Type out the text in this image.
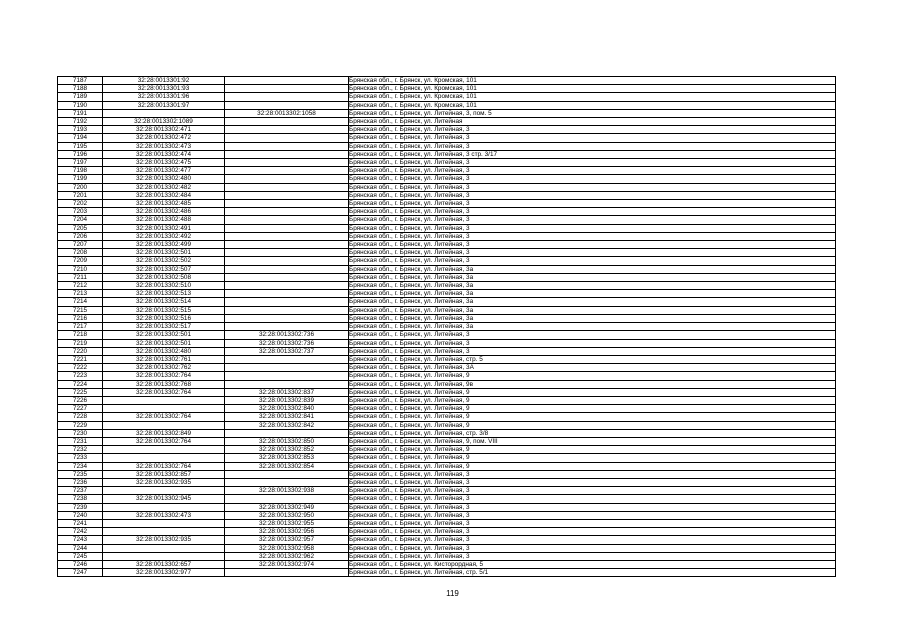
7187	32:28:0013301:92		Брянская обл., г. Брянск, ул. Кромская, 101
7188	32:28:0013301:93		Брянская обл., г. Брянск, ул. Кромская, 101
7189	32:28:0013301:96		Брянская обл., г. Брянск, ул. Кромская, 101
7190	32:28:0013301:97		Брянская обл., г. Брянск, ул. Кромская, 101
7191		32:28:0013302:1058	Брянская обл., г. Брянск, ул. Литейная, 3, пом. 5
7192	32:28:0013302:1089		Брянская обл., г. Брянск, ул. Литейная
7193	32:28:0013302:471		Брянская обл., г. Брянск, ул. Литейная, 3
7194	32:28:0013302:472		Брянская обл., г. Брянск, ул. Литейная, 3
7195	32:28:0013302:473		Брянская обл., г. Брянск, ул. Литейная, 3
7196	32:28:0013302:474		Брянская обл., г. Брянск, ул. Литейная, 3 стр. 3/17
7197	32:28:0013302:475		Брянская обл., г. Брянск, ул. Литейная, 3
7198	32:28:0013302:477		Брянская обл., г. Брянск, ул. Литейная, 3
7199	32:28:0013302:480		Брянская обл., г. Брянск, ул. Литейная, 3
7200	32:28:0013302:482		Брянская обл., г. Брянск, ул. Литейная, 3
7201	32:28:0013302:484		Брянская обл., г. Брянск, ул. Литейная, 3
7202	32:28:0013302:485		Брянская обл., г. Брянск, ул. Литейная, 3
7203	32:28:0013302:486		Брянская обл., г. Брянск, ул. Литейная, 3
7204	32:28:0013302:488		Брянская обл., г. Брянск, ул. Литейная, 3
7205	32:28:0013302:491		Брянская обл., г. Брянск, ул. Литейная, 3
7206	32:28:0013302:492		Брянская обл., г. Брянск, ул. Литейная, 3
7207	32:28:0013302:499		Брянская обл., г. Брянск, ул. Литейная, 3
7208	32:28:0013302:501		Брянская обл., г. Брянск, ул. Литейная, 3
7209	32:28:0013302:502		Брянская обл., г. Брянск, ул. Литейная, 3
7210	32:28:0013302:507		Брянская обл., г. Брянск, ул. Литейная, 3а
7211	32:28:0013302:508		Брянская обл., г. Брянск, ул. Литейная, 3а
7212	32:28:0013302:510		Брянская обл., г. Брянск, ул. Литейная, 3а
7213	32:28:0013302:513		Брянская обл., г. Брянск, ул. Литейная, 3а
7214	32:28:0013302:514		Брянская обл., г. Брянск, ул. Литейная, 3а
7215	32:28:0013302:515		Брянская обл., г. Брянск, ул. Литейная, 3а
7216	32:28:0013302:516		Брянская обл., г. Брянск, ул. Литейная, 3а
7217	32:28:0013302:517		Брянская обл., г. Брянск, ул. Литейная, 3а
7218	32:28:0013302:501	32:28:0013302:736	Брянская обл., г. Брянск, ул. Литейная, 3
7219	32:28:0013302:501	32:28:0013302:736	Брянская обл., г. Брянск, ул. Литейная, 3
7220	32:28:0013302:480	32:28:0013302:737	Брянская обл., г. Брянск, ул. Литейная, 3
7221	32:28:0013302:761		Брянская обл., г. Брянск, ул. Литейная, стр. 5
7222	32:28:0013302:762		Брянская обл., г. Брянск, ул. Литейная, 3А
7223	32:28:0013302:764		Брянская обл., г. Брянск, ул. Литейная, 9
7224	32:28:0013302:768		Брянская обл., г. Брянск, ул. Литейная, 9в
7225	32:28:0013302:764	32:28:0013302:837	Брянская обл., г. Брянск, ул. Литейная, 9
7226		32:28:0013302:839	Брянская обл., г. Брянск, ул. Литейная, 9
7227		32:28:0013302:840	Брянская обл., г. Брянск, ул. Литейная, 9
7228	32:28:0013302:764	32:28:0013302:841	Брянская обл., г. Брянск, ул. Литейная, 9
7229		32:28:0013302:842	Брянская обл., г. Брянск, ул. Литейная, 9
7230	32:28:0013302:849		Брянская обл., г. Брянск, ул. Литейная, стр. 3/8
7231	32:28:0013302:764	32:28:0013302:850	Брянская обл., г. Брянск, ул. Литейная, 9, пом. VIII
7232		32:28:0013302:852	Брянская обл., г. Брянск, ул. Литейная, 9
7233		32:28:0013302:853	Брянская обл., г. Брянск, ул. Литейная, 9
7234	32:28:0013302:764	32:28:0013302:854	Брянская обл., г. Брянск, ул. Литейная, 9
7235	32:28:0013302:857		Брянская обл., г. Брянск, ул. Литейная, 3
7236	32:28:0013302:935		Брянская обл., г. Брянск, ул. Литейная, 3
7237		32:28:0013302:938	Брянская обл., г. Брянск, ул. Литейная, 3
7238	32:28:0013302:945		Брянская обл., г. Брянск, ул. Литейная, 3
7239		32:28:0013302:949	Брянская обл., г. Брянск, ул. Литейная, 3
7240	32:28:0013302:473	32:28:0013302:950	Брянская обл., г. Брянск, ул. Литейная, 3
7241		32:28:0013302:955	Брянская обл., г. Брянск, ул. Литейная, 3
7242		32:28:0013302:956	Брянская обл., г. Брянск, ул. Литейная, 3
7243	32:28:0013302:935	32:28:0013302:957	Брянская обл., г. Брянск, ул. Литейная, 3
7244		32:28:0013302:958	Брянская обл., г. Брянск, ул. Литейная, 3
7245		32:28:0013302:962	Брянская обл., г. Брянск, ул. Литейная, 3
7246	32:28:0013302:657	32:28:0013302:974	Брянская обл., г. Брянск, ул. Кисторордная, 5
7247	32:28:0013302:977		Брянская обл., г. Брянск, ул. Литейная, стр. 5/1
119
